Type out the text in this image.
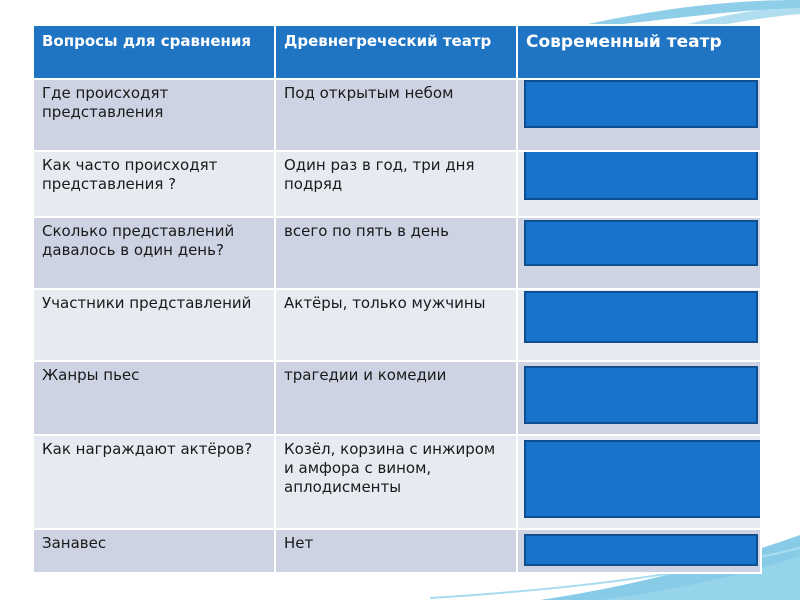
Вопросы для сравнения	Древнегреческий театр	Современный театр
Где происходят представления	Под открытым небом	

Как часто происходят представления ?	Один раз в год, три дня подряд	

Сколько представлений давалось в один день?	всего по пять в день	

Участники представлений	Актёры, только мужчины	

Жанры пьес	трагедии и комедии	

Как награждают актёров?	Козёл, корзина с инжиром и амфора с вином, аплодисменты	

Занавес	Нет	
